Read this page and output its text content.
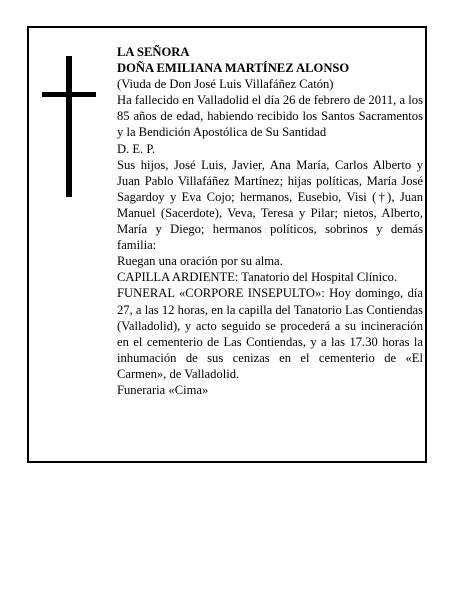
LA SEÑORA

DOÑA EMILIANA MARTÍNEZ ALONSO

(Viuda de Don José Luis Villafáñez Catón)

Ha fallecido en Valladolid el día 26 de febrero de 2011, a los 85 años de edad, habiendo recibido los Santos Sacramentos y la Bendición Apostólica de Su Santidad

D. E. P.

Sus hijos, José Luis, Javier, Ana María, Carlos Alberto y Juan Pablo Villafáñez Martínez; hijas políticas, María José Sagardoy y Eva Cojo; hermanos, Eusebio, Visi (†), Juan Manuel (Sacerdote), Veva, Teresa y Pilar; nietos, Alberto, María y Diego; hermanos políticos, sobrinos y demás familia:

Ruegan una oración por su alma.

CAPILLA ARDIENTE: Tanatorio del Hospital Clínico.

FUNERAL «CORPORE INSEPULTO»: Hoy domingo, día 27, a las 12 horas, en la capilla del Tanatorio Las Contiendas (Valladolid), y acto seguido se procederá a su incineración en el cementerio de Las Contiendas, y a las 17.30 horas la inhumación de sus cenizas en el cementerio de «El Carmen», de Valladolid.

Funeraria «Cima»
